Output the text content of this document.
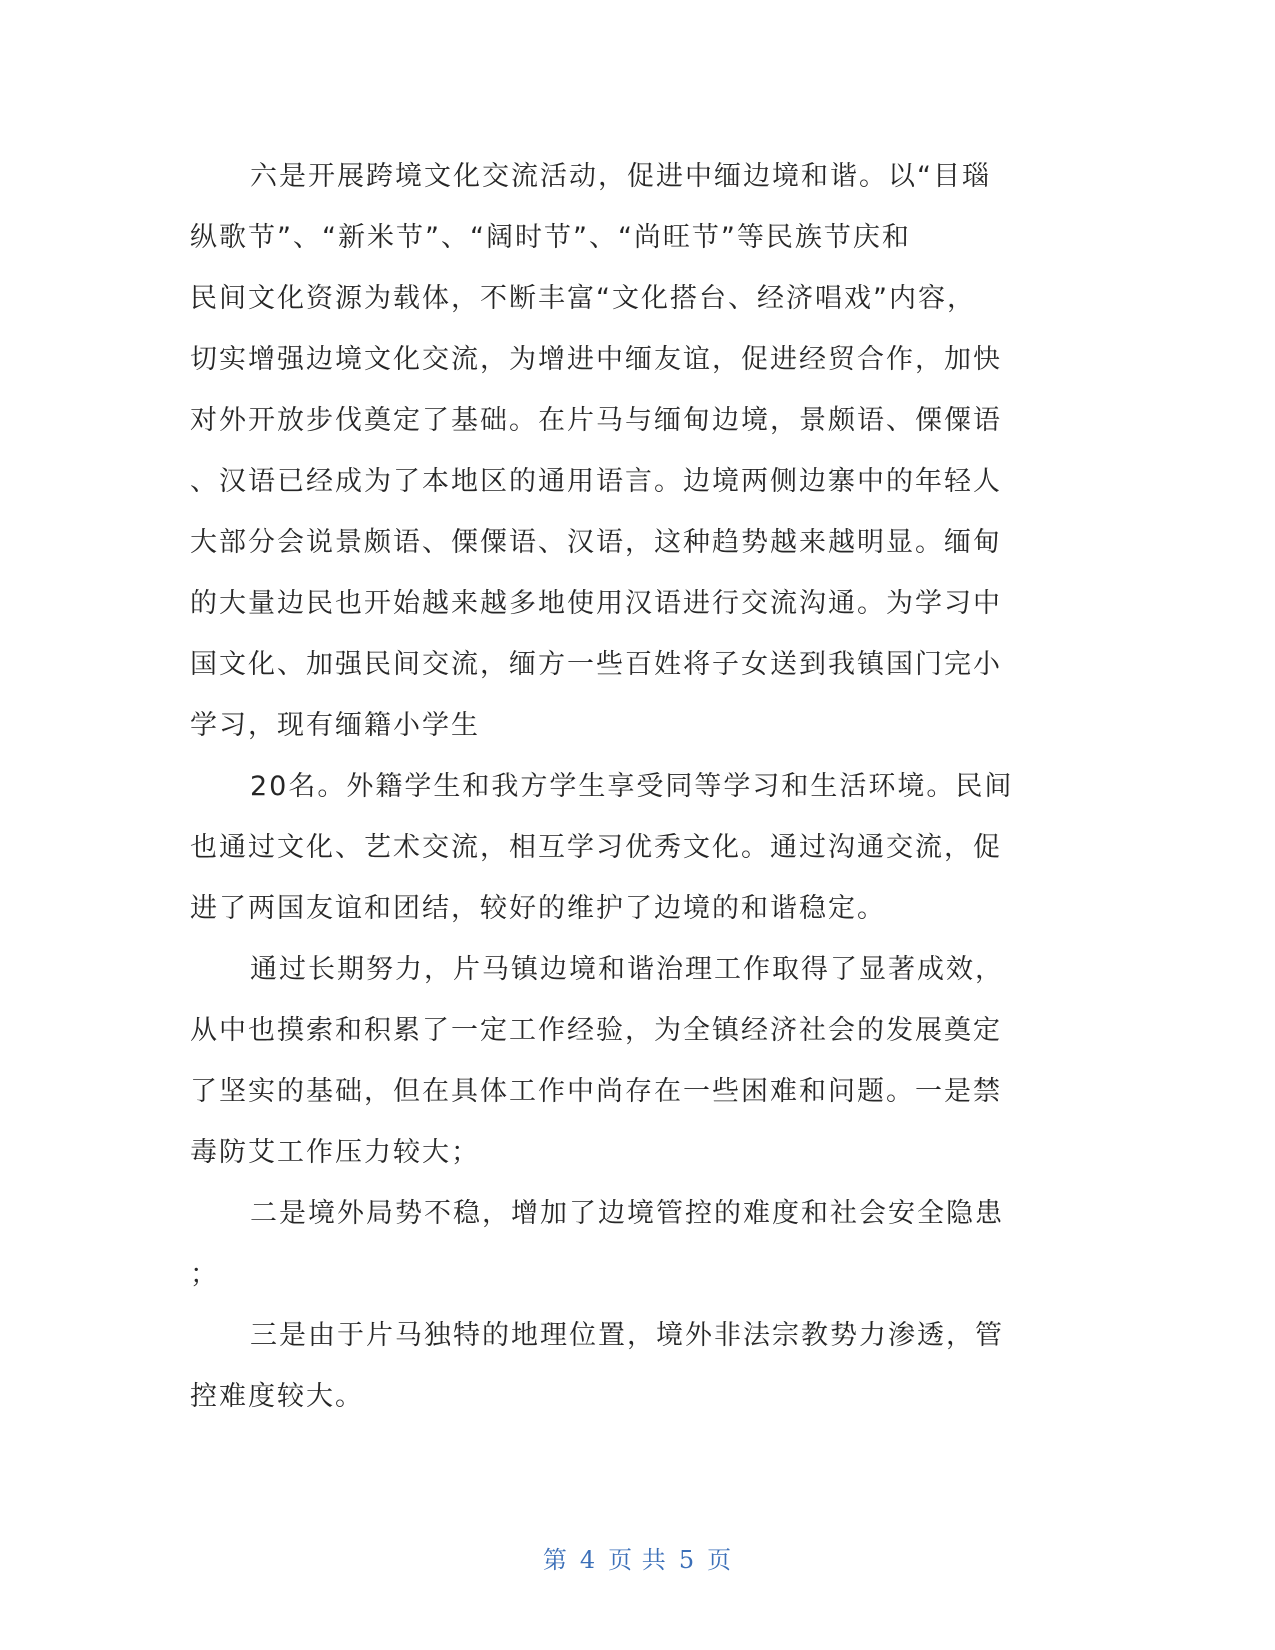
六是开展跨境文化交流活动，促进中缅边境和谐。以“目瑙
纵歌节”、“新米节”、“阔时节”、“尚旺节”等民族节庆和
民间文化资源为载体，不断丰富“文化搭台、经济唱戏”内容，
切实增强边境文化交流，为增进中缅友谊，促进经贸合作，加快
对外开放步伐奠定了基础。在片马与缅甸边境，景颇语、傈僳语
、汉语已经成为了本地区的通用语言。边境两侧边寨中的年轻人
大部分会说景颇语、傈僳语、汉语，这种趋势越来越明显。缅甸
的大量边民也开始越来越多地使用汉语进行交流沟通。为学习中
国文化、加强民间交流，缅方一些百姓将子女送到我镇国门完小
学习，现有缅籍小学生
20名。外籍学生和我方学生享受同等学习和生活环境。民间
也通过文化、艺术交流，相互学习优秀文化。通过沟通交流，促
进了两国友谊和团结，较好的维护了边境的和谐稳定。
通过长期努力，片马镇边境和谐治理工作取得了显著成效，
从中也摸索和积累了一定工作经验，为全镇经济社会的发展奠定
了坚实的基础，但在具体工作中尚存在一些困难和问题。一是禁
毒防艾工作压力较大；
二是境外局势不稳，增加了边境管控的难度和社会安全隐患
；
三是由于片马独特的地理位置，境外非法宗教势力渗透，管
控难度较大。
第 4 页 共 5 页
